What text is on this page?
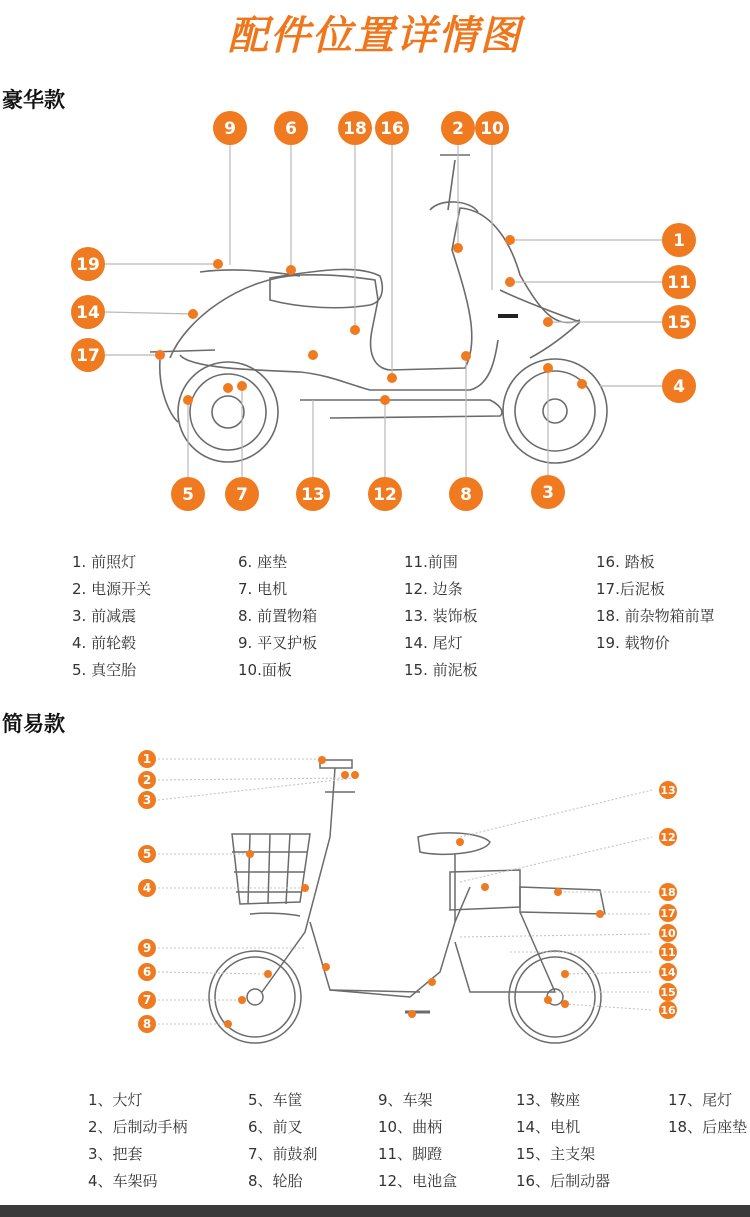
配件位置详情图
豪华款
9	6	18 16	2 10
19
14
17
1
11
15
4
5 7	13	12	8	3
1. 前照灯
2. 电源开关
3. 前减震
4. 前轮毂
5. 真空胎
6. 座垫
7. 电机
8. 前置物箱
9. 平叉护板
10.面板
11.前围
12. 边条
13. 装饰板
14. 尾灯
15. 前泥板
16. 踏板
17.后泥板
18. 前杂物箱前罩
19. 载物价
简易款
1
2
3
5
4
9
6
7
8
13
12
18
17
10
11
14
15
16
1、大灯
2、后制动手柄
3、把套
4、车架码
5、车筐
6、前叉
7、前鼓刹
8、轮胎
9、车架
10、曲柄
11、脚蹬
12、电池盒
13、鞍座
14、电机
15、主支架
16、后制动器
17、尾灯
18、后座垫
